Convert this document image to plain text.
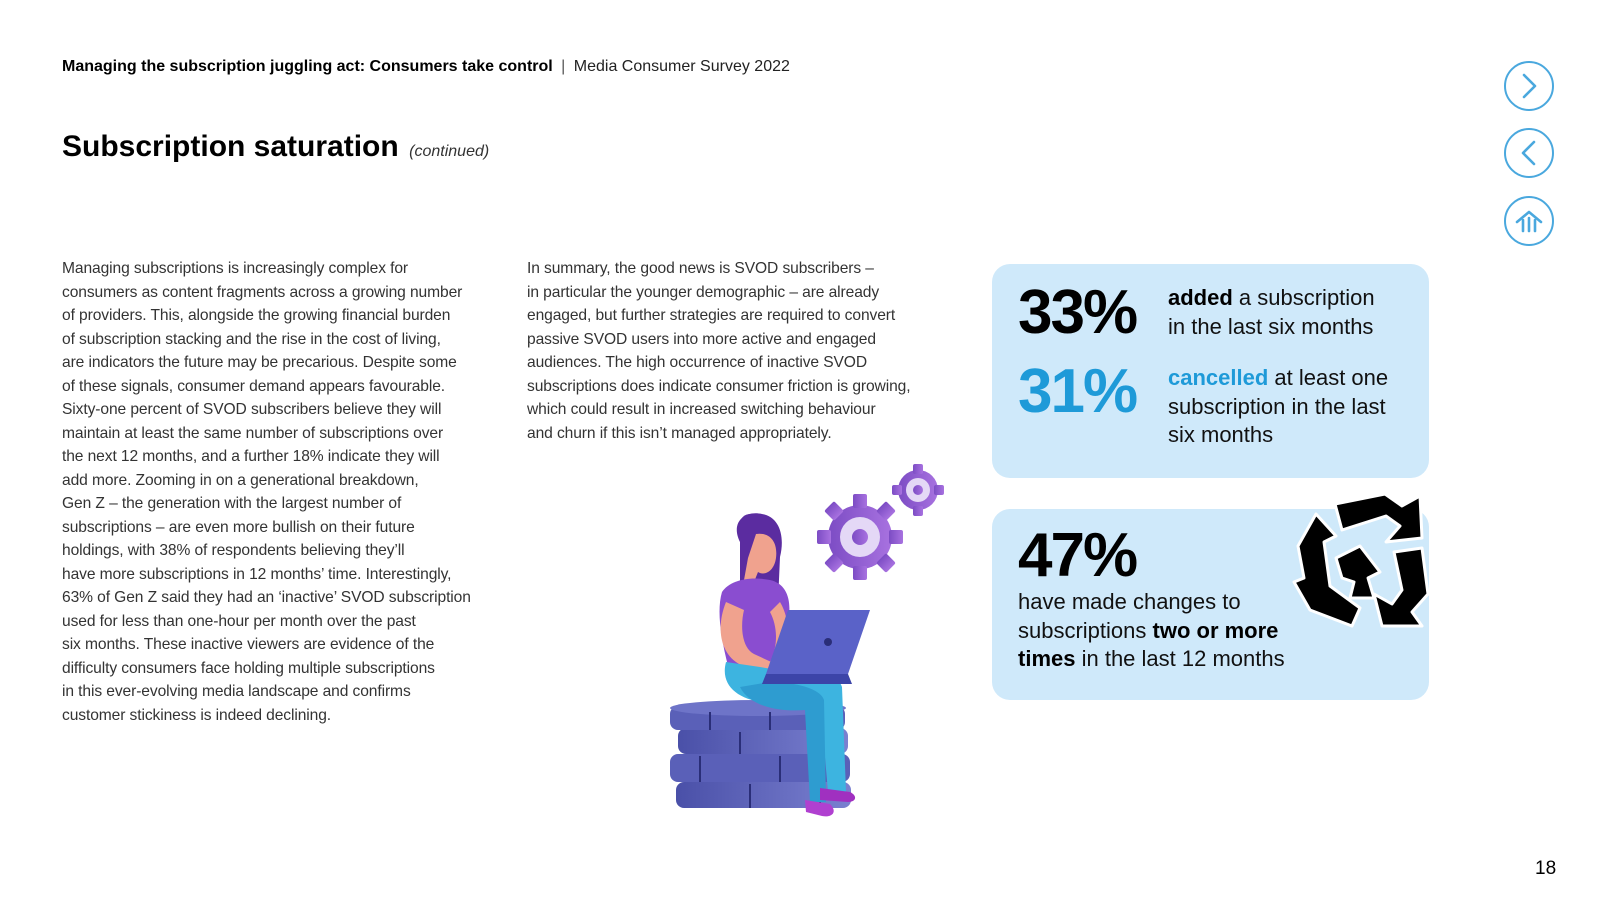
Managing the subscription juggling act: Consumers take control | Media Consumer Survey 2022
Subscription saturation (continued)
Managing subscriptions is increasingly complex for
consumers as content fragments across a growing number
of providers. This, alongside the growing financial burden
of subscription stacking and the rise in the cost of living,
are indicators the future may be precarious. Despite some
of these signals, consumer demand appears favourable.
Sixty-one percent of SVOD subscribers believe they will
maintain at least the same number of subscriptions over
the next 12 months, and a further 18% indicate they will
add more. Zooming in on a generational breakdown,
Gen Z – the generation with the largest number of
subscriptions – are even more bullish on their future
holdings, with 38% of respondents believing they’ll
have more subscriptions in 12 months’ time. Interestingly,
63% of Gen Z said they had an ‘inactive’ SVOD subscription
used for less than one-hour per month over the past
six months. These inactive viewers are evidence of the
difficulty consumers face holding multiple subscriptions
in this ever-evolving media landscape and confirms
customer stickiness is indeed declining.
In summary, the good news is SVOD subscribers –
in particular the younger demographic – are already
engaged, but further strategies are required to convert
passive SVOD users into more active and engaged
audiences. The high occurrence of inactive SVOD
subscriptions does indicate consumer friction is growing,
which could result in increased switching behaviour
and churn if this isn’t managed appropriately.
33% added a subscription
in the last six months
31% cancelled at least one
subscription in the last
six months
47%
have made changes to
subscriptions two or more
times in the last 12 months
18
